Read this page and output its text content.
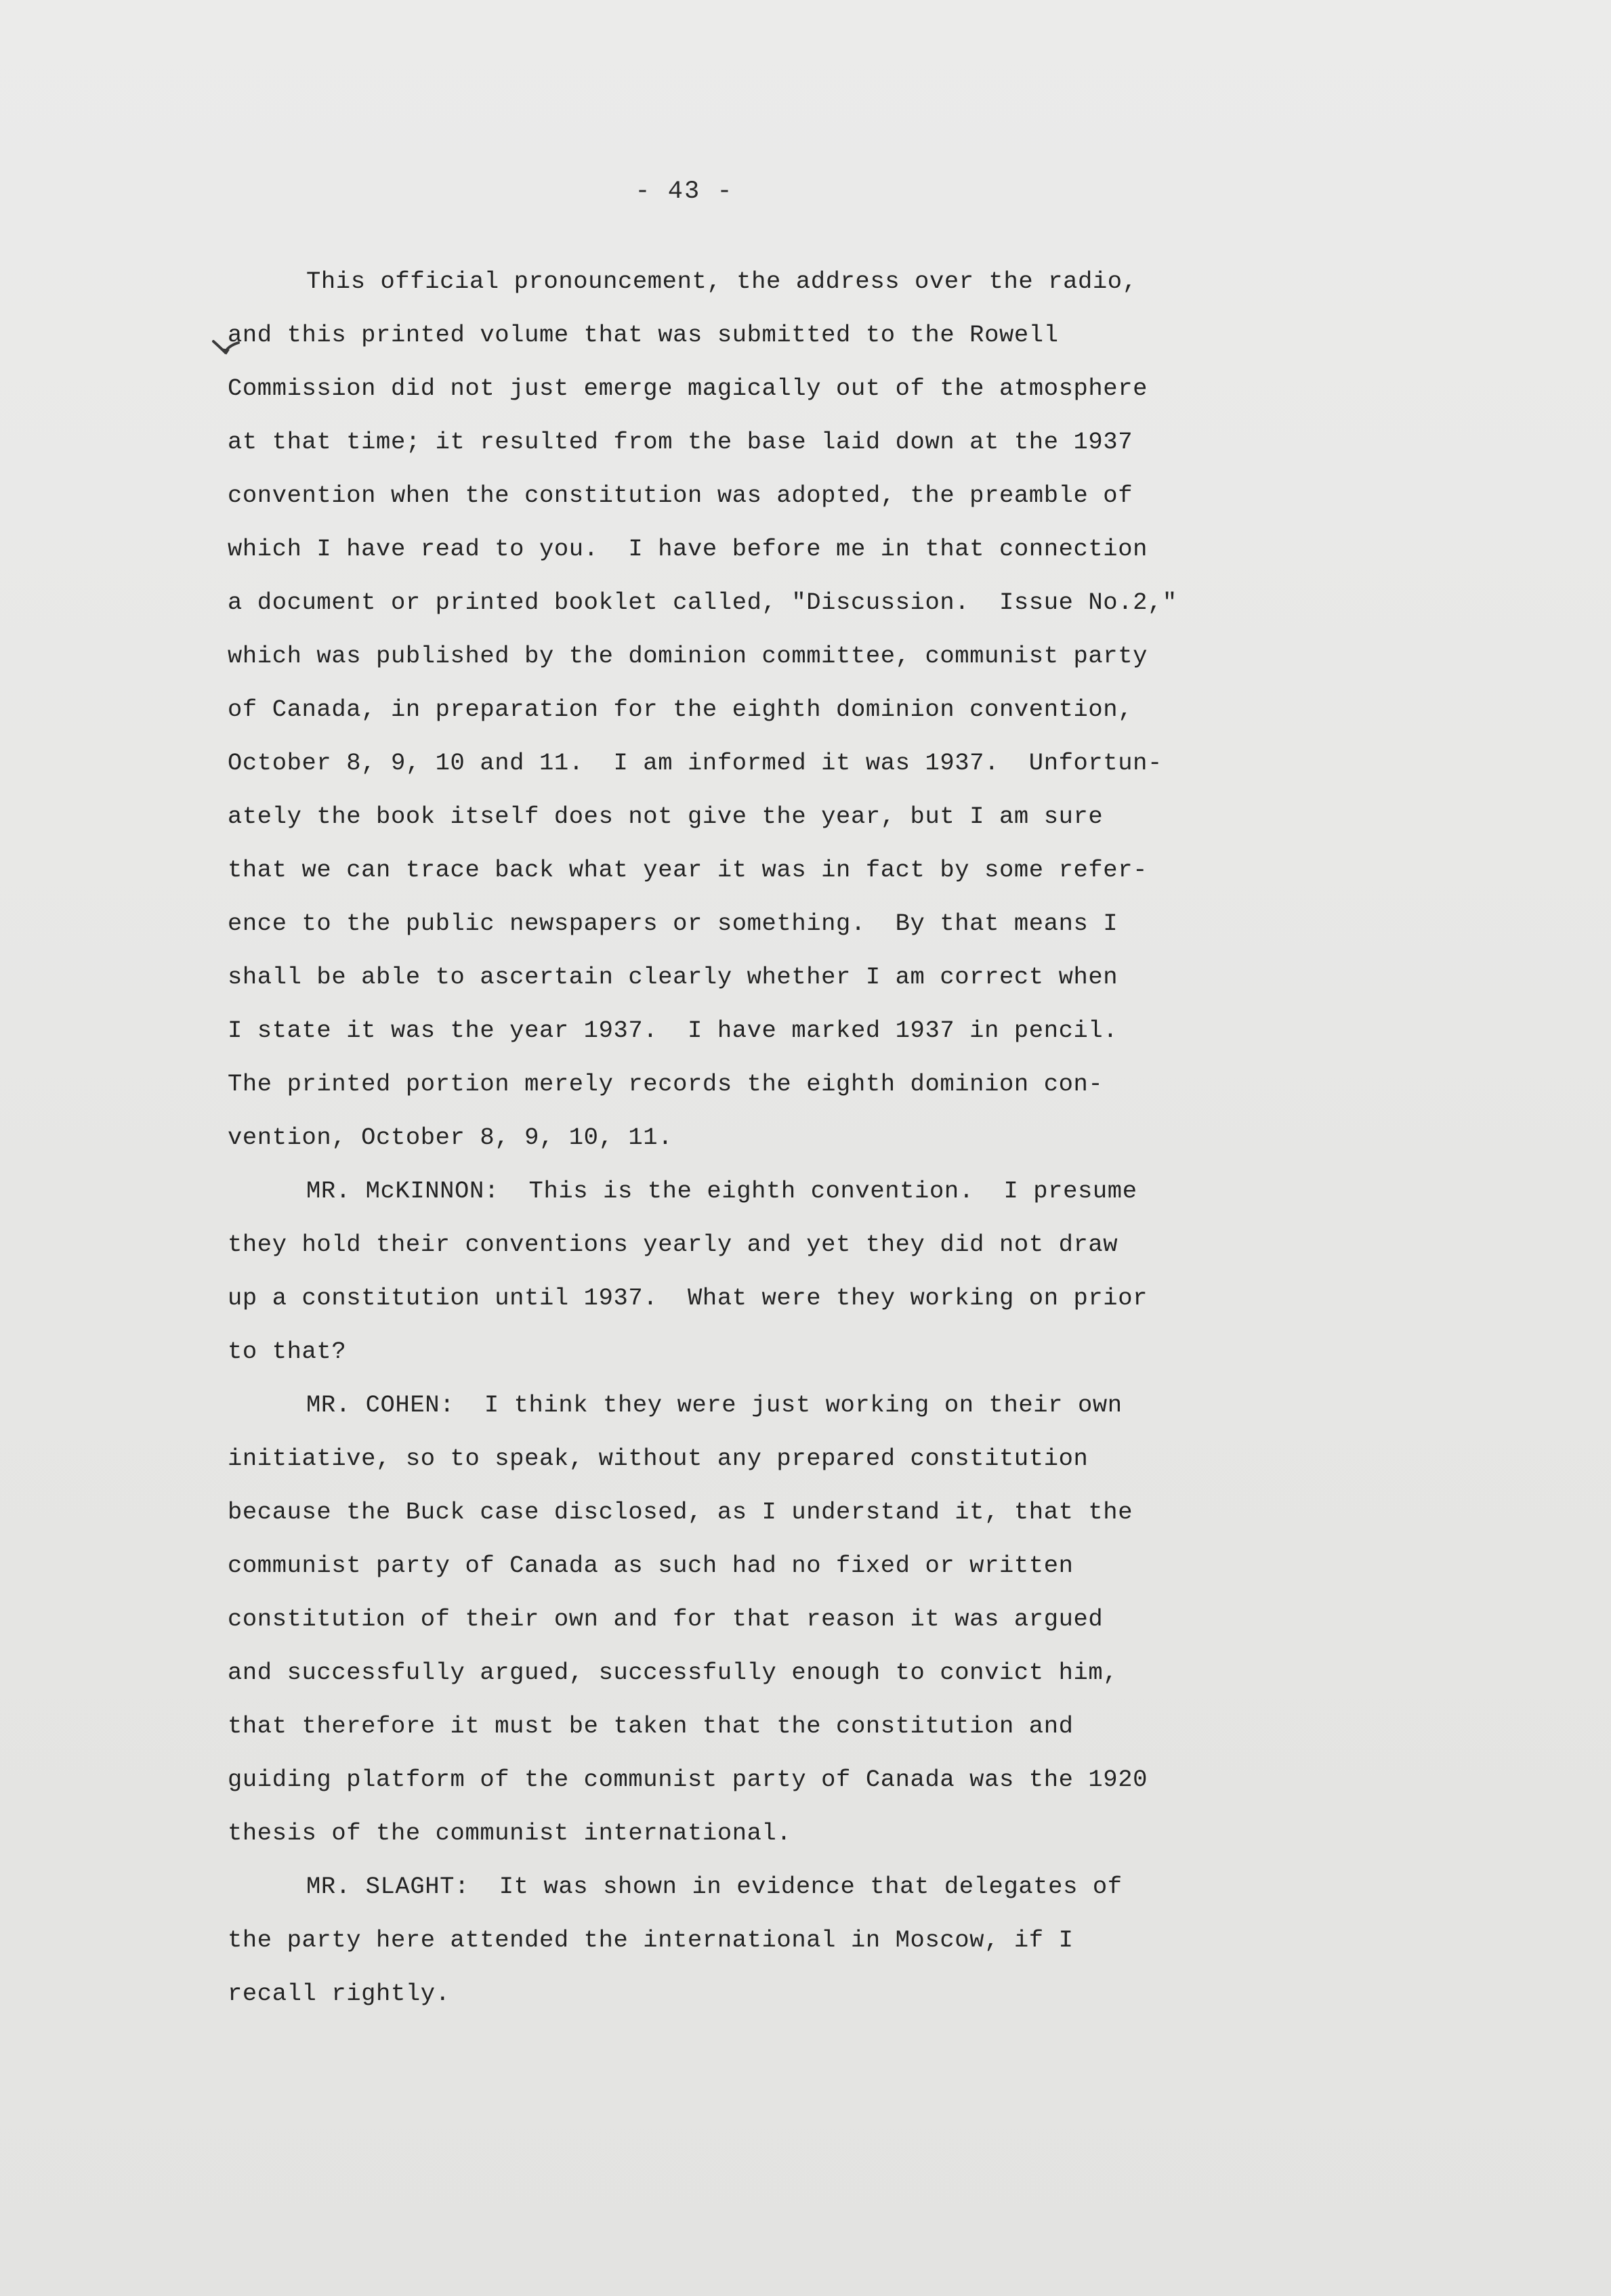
- 43 -
This official pronouncement, the address over the radio,
and this printed volume that was submitted to the Rowell
Commission did not just emerge magically out of the atmosphere
at that time; it resulted from the base laid down at the 1937
convention when the constitution was adopted, the preamble of
which I have read to you.  I have before me in that connection
a document or printed booklet called, "Discussion.  Issue No.2,"
which was published by the dominion committee, communist party
of Canada, in preparation for the eighth dominion convention,
October 8, 9, 10 and 11.  I am informed it was 1937.  Unfortun-
ately the book itself does not give the year, but I am sure
that we can trace back what year it was in fact by some refer-
ence to the public newspapers or something.  By that means I
shall be able to ascertain clearly whether I am correct when
I state it was the year 1937.  I have marked 1937 in pencil.
The printed portion merely records the eighth dominion con-
vention, October 8, 9, 10, 11.
MR. McKINNON:  This is the eighth convention.  I presume
they hold their conventions yearly and yet they did not draw
up a constitution until 1937.  What were they working on prior
to that?
MR. COHEN:  I think they were just working on their own
initiative, so to speak, without any prepared constitution
because the Buck case disclosed, as I understand it, that the
communist party of Canada as such had no fixed or written
constitution of their own and for that reason it was argued
and successfully argued, successfully enough to convict him,
that therefore it must be taken that the constitution and
guiding platform of the communist party of Canada was the 1920
thesis of the communist international.
MR. SLAGHT:  It was shown in evidence that delegates of
the party here attended the international in Moscow, if I
recall rightly.
